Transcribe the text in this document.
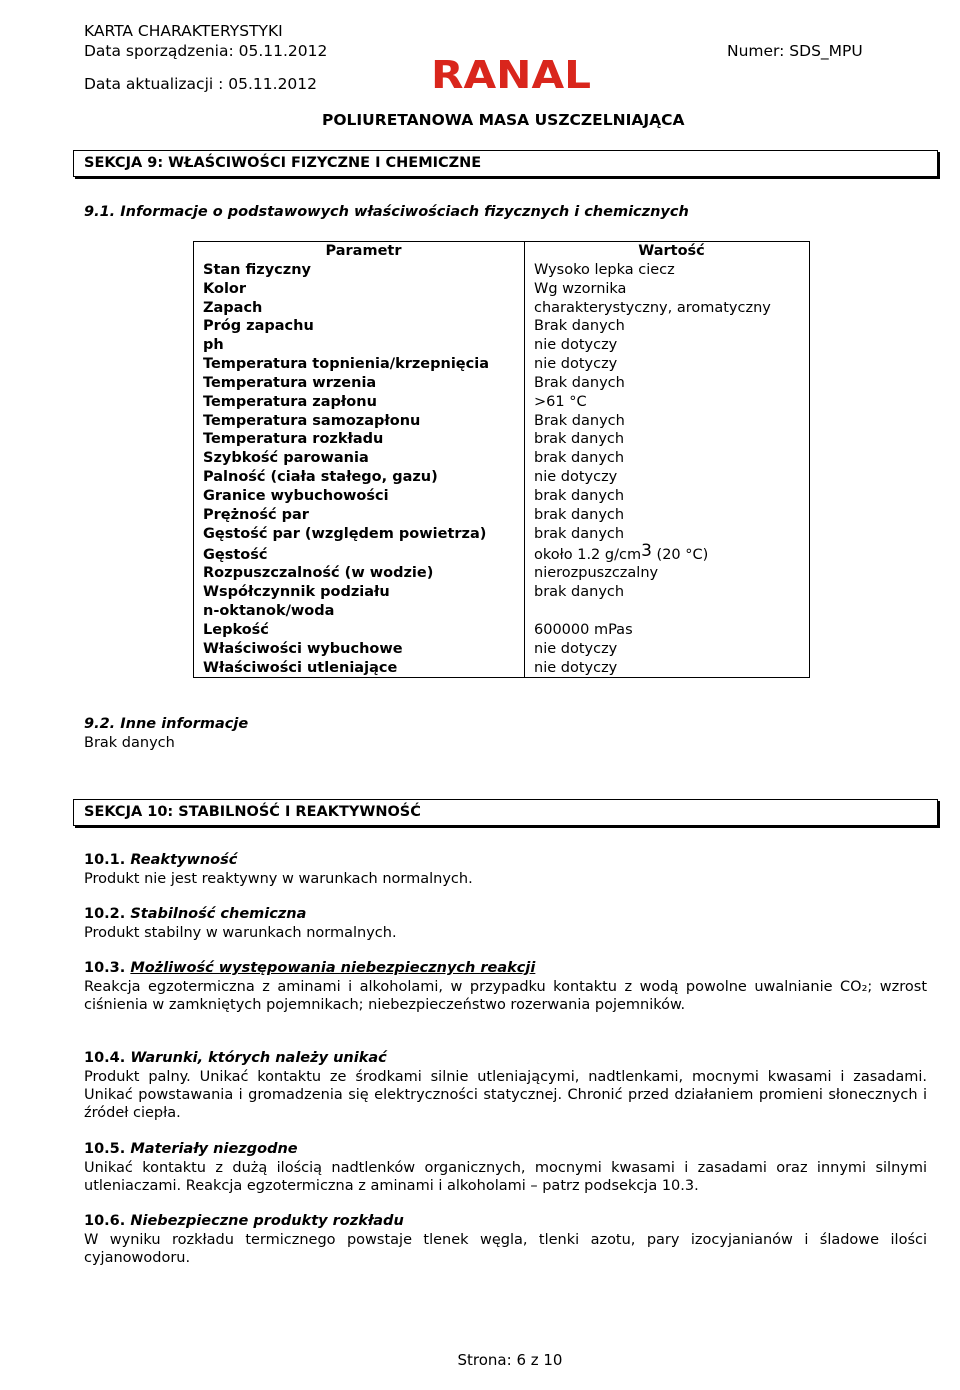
KARTA CHARAKTERYSTYKI
Data sporządzenia: 05.11.2012	Numer: SDS_MPU
Data aktualizacji : 05.11.2012	RANAL
POLIURETANOWA MASA USZCZELNIAJĄCA
SEKCJA 9: WŁAŚCIWOŚCI FIZYCZNE I CHEMICZNE
9.1. Informacje o podstawowych właściwościach fizycznych i chemicznych
Parametr	Wartość
Stan fizyczny	Wysoko lepka ciecz
Kolor	Wg wzornika
Zapach	charakterystyczny, aromatyczny
Próg zapachu	Brak danych
ph	nie dotyczy
Temperatura topnienia/krzepnięcia	nie dotyczy
Temperatura wrzenia	Brak danych
Temperatura zapłonu	>61 °C
Temperatura samozapłonu	Brak danych
Temperatura rozkładu	brak danych
Szybkość parowania	brak danych
Palność (ciała stałego, gazu)	nie dotyczy
Granice wybuchowości	brak danych
Prężność par	brak danych
Gęstość par (względem powietrza)	brak danych
Gęstość	około 1.2 $g/cm^3$ (20 °C)
Rozpuszczalność (w wodzie)	nierozpuszczalny

Współczynnik podziału
n-oktanok/woda	brak danych
Lepkość	600000 mPas
Właściwości wybuchowe	nie dotyczy
Właściwości utleniające	nie dotyczy
9.2. Inne informacje
Brak danych
SEKCJA 10: STABILNOŚĆ I REAKTYWNOŚĆ
10.1. Reaktywność
Produkt nie jest reaktywny w warunkach normalnych.
10.2. Stabilność chemiczna
Produkt stabilny w warunkach normalnych.
10.3. Możliwość występowania niebezpiecznych reakcji
Reakcja egzotermiczna z aminami i alkoholami, w przypadku kontaktu z wodą powolne uwalnianie CO₂; wzrost ciśnienia w zamkniętych pojemnikach; niebezpieczeństwo rozerwania pojemników.
10.4. Warunki, których należy unikać
Produkt palny. Unikać kontaktu ze środkami silnie utleniającymi, nadtlenkami, mocnymi kwasami i zasadami. Unikać powstawania i gromadzenia się elektryczności statycznej. Chronić przed działaniem promieni słonecznych i źródeł ciepła.
10.5. Materiały niezgodne
Unikać kontaktu z dużą ilością nadtlenków organicznych, mocnymi kwasami i zasadami oraz innymi silnymi utleniaczami. Reakcja egzotermiczna z aminami i alkoholami – patrz podsekcja 10.3.
10.6. Niebezpieczne produkty rozkładu
W wyniku rozkładu termicznego powstaje tlenek węgla, tlenki azotu, pary izocyjanianów i śladowe ilości cyjanowodoru.
Strona: 6 z 10
